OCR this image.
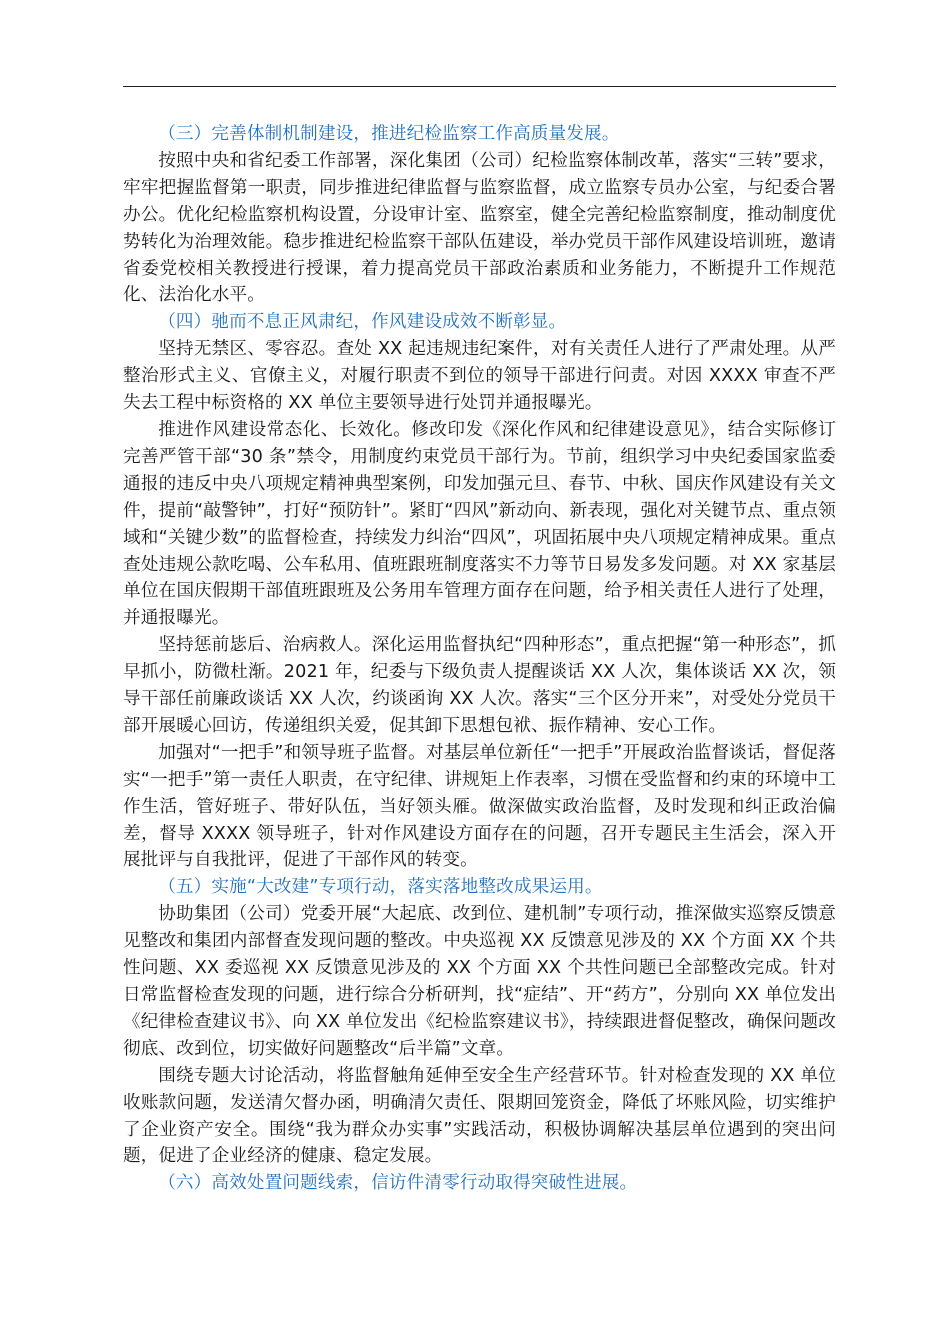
（三）完善体制机制建设，推进纪检监察工作高质量发展。

按照中央和省纪委工作部署，深化集团（公司）纪检监察体制改革，落实“三转”要求，牢牢把握监督第一职责，同步推进纪律监督与监察监督，成立监察专员办公室，与纪委合署办公。优化纪检监察机构设置，分设审计室、监察室，健全完善纪检监察制度，推动制度优势转化为治理效能。稳步推进纪检监察干部队伍建设，举办党员干部作风建设培训班，邀请省委党校相关教授进行授课，着力提高党员干部政治素质和业务能力，不断提升工作规范化、法治化水平。

（四）驰而不息正风肃纪，作风建设成效不断彰显。

坚持无禁区、零容忍。查处 XX 起违规违纪案件，对有关责任人进行了严肃处理。从严整治形式主义、官僚主义，对履行职责不到位的领导干部进行问责。对因 XXXX 审查不严失去工程中标资格的 XX 单位主要领导进行处罚并通报曝光。

推进作风建设常态化、长效化。修改印发《深化作风和纪律建设意见》，结合实际修订完善严管干部“30 条”禁令，用制度约束党员干部行为。节前，组织学习中央纪委国家监委通报的违反中央八项规定精神典型案例，印发加强元旦、春节、中秋、国庆作风建设有关文件，提前“敲警钟”，打好“预防针”。紧盯“四风”新动向、新表现，强化对关键节点、重点领域和“关键少数”的监督检查，持续发力纠治“四风”，巩固拓展中央八项规定精神成果。重点查处违规公款吃喝、公车私用、值班跟班制度落实不力等节日易发多发问题。对 XX 家基层单位在国庆假期干部值班跟班及公务用车管理方面存在问题，给予相关责任人进行了处理，并通报曝光。

坚持惩前毖后、治病救人。深化运用监督执纪“四种形态”，重点把握“第一种形态”，抓早抓小，防微杜渐。2021 年，纪委与下级负责人提醒谈话 XX 人次，集体谈话 XX 次，领导干部任前廉政谈话 XX 人次，约谈函询 XX 人次。落实“三个区分开来”，对受处分党员干部开展暖心回访，传递组织关爱，促其卸下思想包袱、振作精神、安心工作。

加强对“一把手”和领导班子监督。对基层单位新任“一把手”开展政治监督谈话，督促落实“一把手”第一责任人职责，在守纪律、讲规矩上作表率，习惯在受监督和约束的环境中工作生活，管好班子、带好队伍，当好领头雁。做深做实政治监督，及时发现和纠正政治偏差，督导 XXXX 领导班子，针对作风建设方面存在的问题，召开专题民主生活会，深入开展批评与自我批评，促进了干部作风的转变。

（五）实施“大改建”专项行动，落实落地整改成果运用。

协助集团（公司）党委开展“大起底、改到位、建机制”专项行动，推深做实巡察反馈意见整改和集团内部督查发现问题的整改。中央巡视 XX 反馈意见涉及的 XX 个方面 XX 个共性问题、XX 委巡视 XX 反馈意见涉及的 XX 个方面 XX 个共性问题已全部整改完成。针对日常监督检查发现的问题，进行综合分析研判，找“症结”、开“药方”，分别向 XX 单位发出《纪律检查建议书》、向 XX 单位发出《纪检监察建议书》，持续跟进督促整改，确保问题改彻底、改到位，切实做好问题整改“后半篇”文章。

围绕专题大讨论活动，将监督触角延伸至安全生产经营环节。针对检查发现的 XX 单位收账款问题，发送清欠督办函，明确清欠责任、限期回笼资金，降低了坏账风险，切实维护了企业资产安全。围绕“我为群众办实事”实践活动，积极协调解决基层单位遇到的突出问题，促进了企业经济的健康、稳定发展。

（六）高效处置问题线索，信访件清零行动取得突破性进展。
